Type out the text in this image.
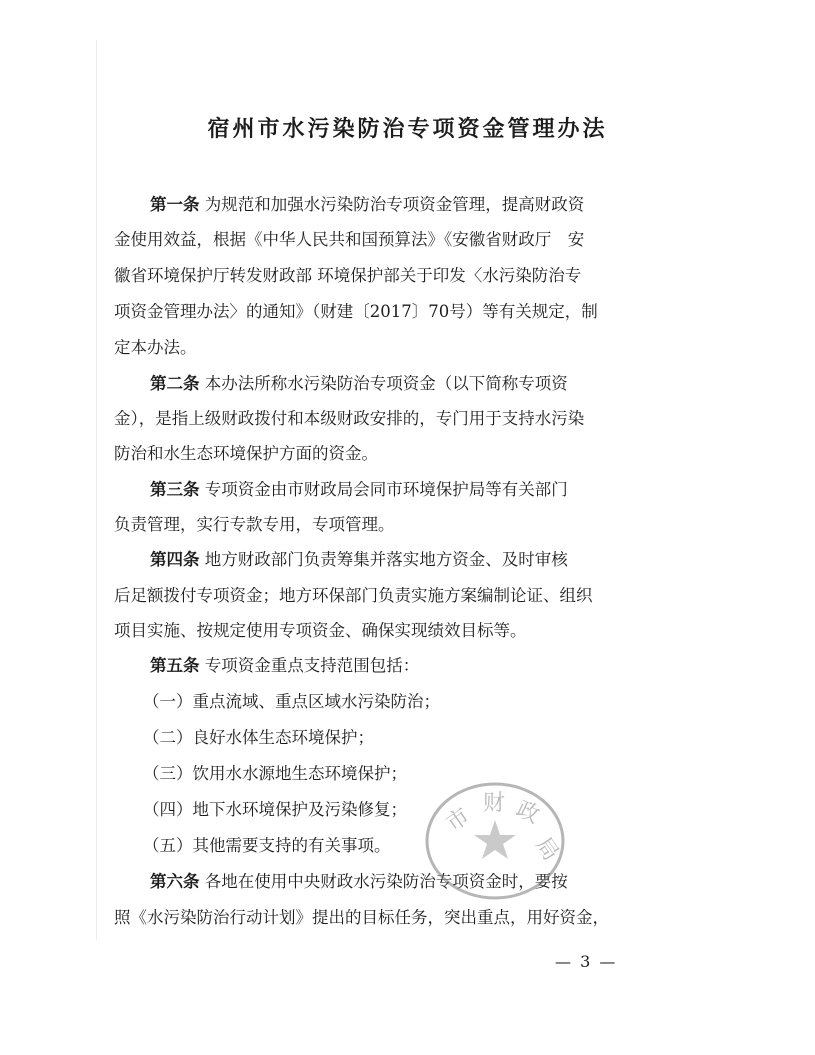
宿州市水污染防治专项资金管理办法
第一条 为规范和加强水污染防治专项资金管理，提高财政资

金使用效益，根据《中华人民共和国预算法》《安徽省财政厅　安

徽省环境保护厅转发财政部 环境保护部关于印发〈水污染防治专

项资金管理办法〉的通知》（财建〔2017〕70号）等有关规定，制

定本办法。

第二条 本办法所称水污染防治专项资金（以下简称专项资

金），是指上级财政拨付和本级财政安排的，专门用于支持水污染

防治和水生态环境保护方面的资金。

第三条 专项资金由市财政局会同市环境保护局等有关部门

负责管理，实行专款专用，专项管理。

第四条 地方财政部门负责筹集并落实地方资金、及时审核

后足额拨付专项资金；地方环保部门负责实施方案编制论证、组织

项目实施、按规定使用专项资金、确保实现绩效目标等。

第五条 专项资金重点支持范围包括：

（一）重点流域、重点区域水污染防治；

（二）良好水体生态环境保护；

（三）饮用水水源地生态环境保护；

（四）地下水环境保护及污染修复；

（五）其他需要支持的有关事项。

第六条 各地在使用中央财政水污染防治专项资金时，要按

照《水污染防治行动计划》提出的目标任务，突出重点，用好资金，

市
财 政
局
— 3 —
